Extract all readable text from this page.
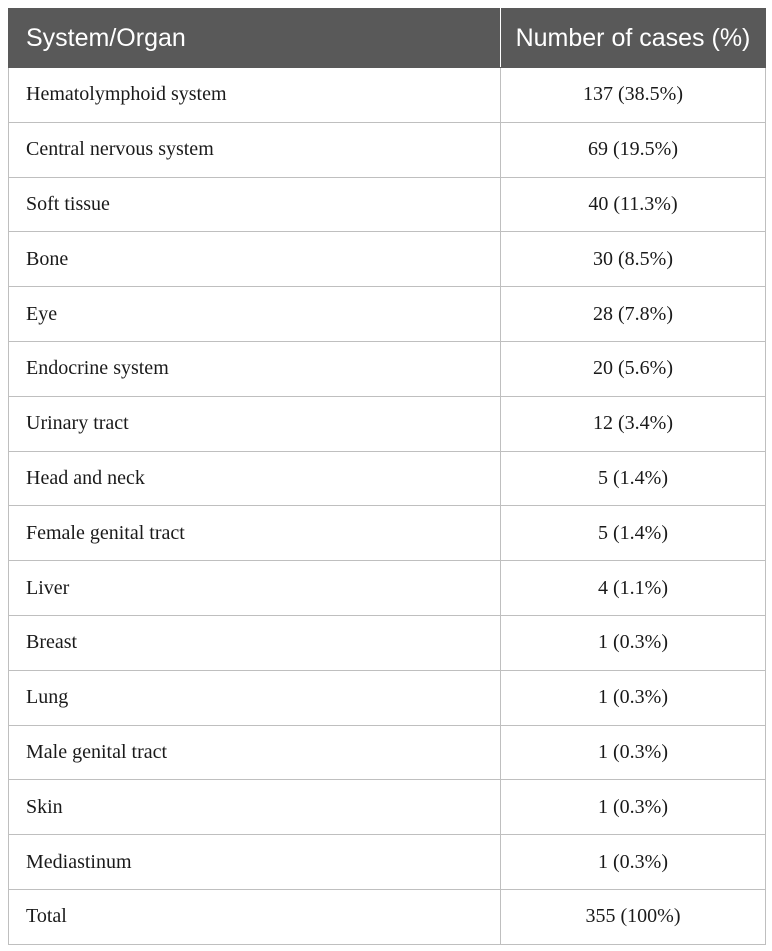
System/Organ	Number of cases (%)
Hematolymphoid system	137 (38.5%)
Central nervous system	69 (19.5%)
Soft tissue	40 (11.3%)
Bone	30 (8.5%)
Eye	28 (7.8%)
Endocrine system	20 (5.6%)
Urinary tract	12 (3.4%)
Head and neck	5 (1.4%)
Female genital tract	5 (1.4%)
Liver	4 (1.1%)
Breast	1 (0.3%)
Lung	1 (0.3%)
Male genital tract	1 (0.3%)
Skin	1 (0.3%)
Mediastinum	1 (0.3%)
Total	355 (100%)
